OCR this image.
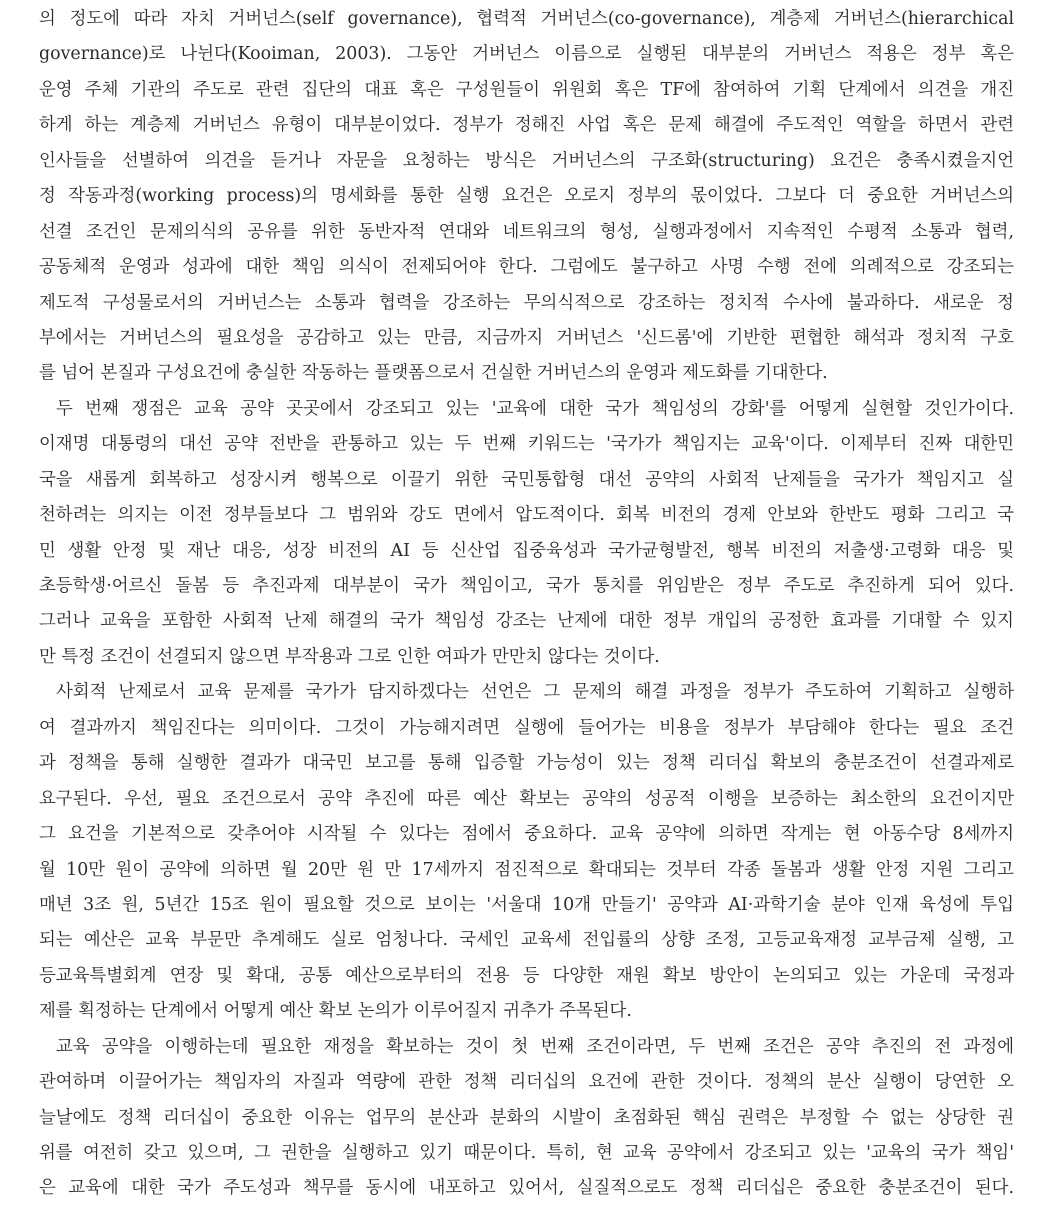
의 정도에 따라 자치 거버넌스(self governance), 협력적 거버넌스(co-governance), 계층제 거버넌스(hierarchical
governance)로 나뉜다(Kooiman, 2003). 그동안 거버넌스 이름으로 실행된 대부분의 거버넌스 적용은 정부 혹은
운영 주체 기관의 주도로 관련 집단의 대표 혹은 구성원들이 위원회 혹은 TF에 참여하여 기획 단계에서 의견을 개진
하게 하는 계층제 거버넌스 유형이 대부분이었다. 정부가 정해진 사업 혹은 문제 해결에 주도적인 역할을 하면서 관련
인사들을 선별하여 의견을 듣거나 자문을 요청하는 방식은 거버넌스의 구조화(structuring) 요건은 충족시켰을지언
정 작동과정(working process)의 명세화를 통한 실행 요건은 오로지 정부의 몫이었다. 그보다 더 중요한 거버넌스의
선결 조건인 문제의식의 공유를 위한 동반자적 연대와 네트워크의 형성, 실행과정에서 지속적인 수평적 소통과 협력,
공동체적 운영과 성과에 대한 책임 의식이 전제되어야 한다. 그럼에도 불구하고 사명 수행 전에 의례적으로 강조되는
제도적 구성물로서의 거버넌스는 소통과 협력을 강조하는 무의식적으로 강조하는 정치적 수사에 불과하다. 새로운 정
부에서는 거버넌스의 필요성을 공감하고 있는 만큼, 지금까지 거버넌스 '신드롬'에 기반한 편협한 해석과 정치적 구호
를 넘어 본질과 구성요건에 충실한 작동하는 플랫폼으로서 건실한 거버넌스의 운영과 제도화를 기대한다.
두 번째 쟁점은 교육 공약 곳곳에서 강조되고 있는 '교육에 대한 국가 책임성의 강화'를 어떻게 실현할 것인가이다.
이재명 대통령의 대선 공약 전반을 관통하고 있는 두 번째 키워드는 '국가가 책임지는 교육'이다. 이제부터 진짜 대한민
국을 새롭게 회복하고 성장시켜 행복으로 이끌기 위한 국민통합형 대선 공약의 사회적 난제들을 국가가 책임지고 실
천하려는 의지는 이전 정부들보다 그 범위와 강도 면에서 압도적이다. 회복 비전의 경제 안보와 한반도 평화 그리고 국
민 생활 안정 및 재난 대응, 성장 비전의 AI 등 신산업 집중육성과 국가균형발전, 행복 비전의 저출생·고령화 대응 및
초등학생·어르신 돌봄 등 추진과제 대부분이 국가 책임이고, 국가 통치를 위임받은 정부 주도로 추진하게 되어 있다.
그러나 교육을 포함한 사회적 난제 해결의 국가 책임성 강조는 난제에 대한 정부 개입의 공정한 효과를 기대할 수 있지
만 특정 조건이 선결되지 않으면 부작용과 그로 인한 여파가 만만치 않다는 것이다.
사회적 난제로서 교육 문제를 국가가 담지하겠다는 선언은 그 문제의 해결 과정을 정부가 주도하여 기획하고 실행하
여 결과까지 책임진다는 의미이다. 그것이 가능해지려면 실행에 들어가는 비용을 정부가 부담해야 한다는 필요 조건
과 정책을 통해 실행한 결과가 대국민 보고를 통해 입증할 가능성이 있는 정책 리더십 확보의 충분조건이 선결과제로
요구된다. 우선, 필요 조건으로서 공약 추진에 따른 예산 확보는 공약의 성공적 이행을 보증하는 최소한의 요건이지만
그 요건을 기본적으로 갖추어야 시작될 수 있다는 점에서 중요하다. 교육 공약에 의하면 작게는 현 아동수당 8세까지
월 10만 원이 공약에 의하면 월 20만 원 만 17세까지 점진적으로 확대되는 것부터 각종 돌봄과 생활 안정 지원 그리고
매년 3조 원, 5년간 15조 원이 필요할 것으로 보이는 '서울대 10개 만들기' 공약과 AI·과학기술 분야 인재 육성에 투입
되는 예산은 교육 부문만 추계해도 실로 엄청나다. 국세인 교육세 전입률의 상향 조정, 고등교육재정 교부금제 실행, 고
등교육특별회계 연장 및 확대, 공통 예산으로부터의 전용 등 다양한 재원 확보 방안이 논의되고 있는 가운데 국정과
제를 획정하는 단계에서 어떻게 예산 확보 논의가 이루어질지 귀추가 주목된다.
교육 공약을 이행하는데 필요한 재정을 확보하는 것이 첫 번째 조건이라면, 두 번째 조건은 공약 추진의 전 과정에
관여하며 이끌어가는 책임자의 자질과 역량에 관한 정책 리더십의 요건에 관한 것이다. 정책의 분산 실행이 당연한 오
늘날에도 정책 리더십이 중요한 이유는 업무의 분산과 분화의 시발이 초점화된 핵심 권력은 부정할 수 없는 상당한 권
위를 여전히 갖고 있으며, 그 권한을 실행하고 있기 때문이다. 특히, 현 교육 공약에서 강조되고 있는 '교육의 국가 책임'
은 교육에 대한 국가 주도성과 책무를 동시에 내포하고 있어서, 실질적으로도 정책 리더십은 중요한 충분조건이 된다.
